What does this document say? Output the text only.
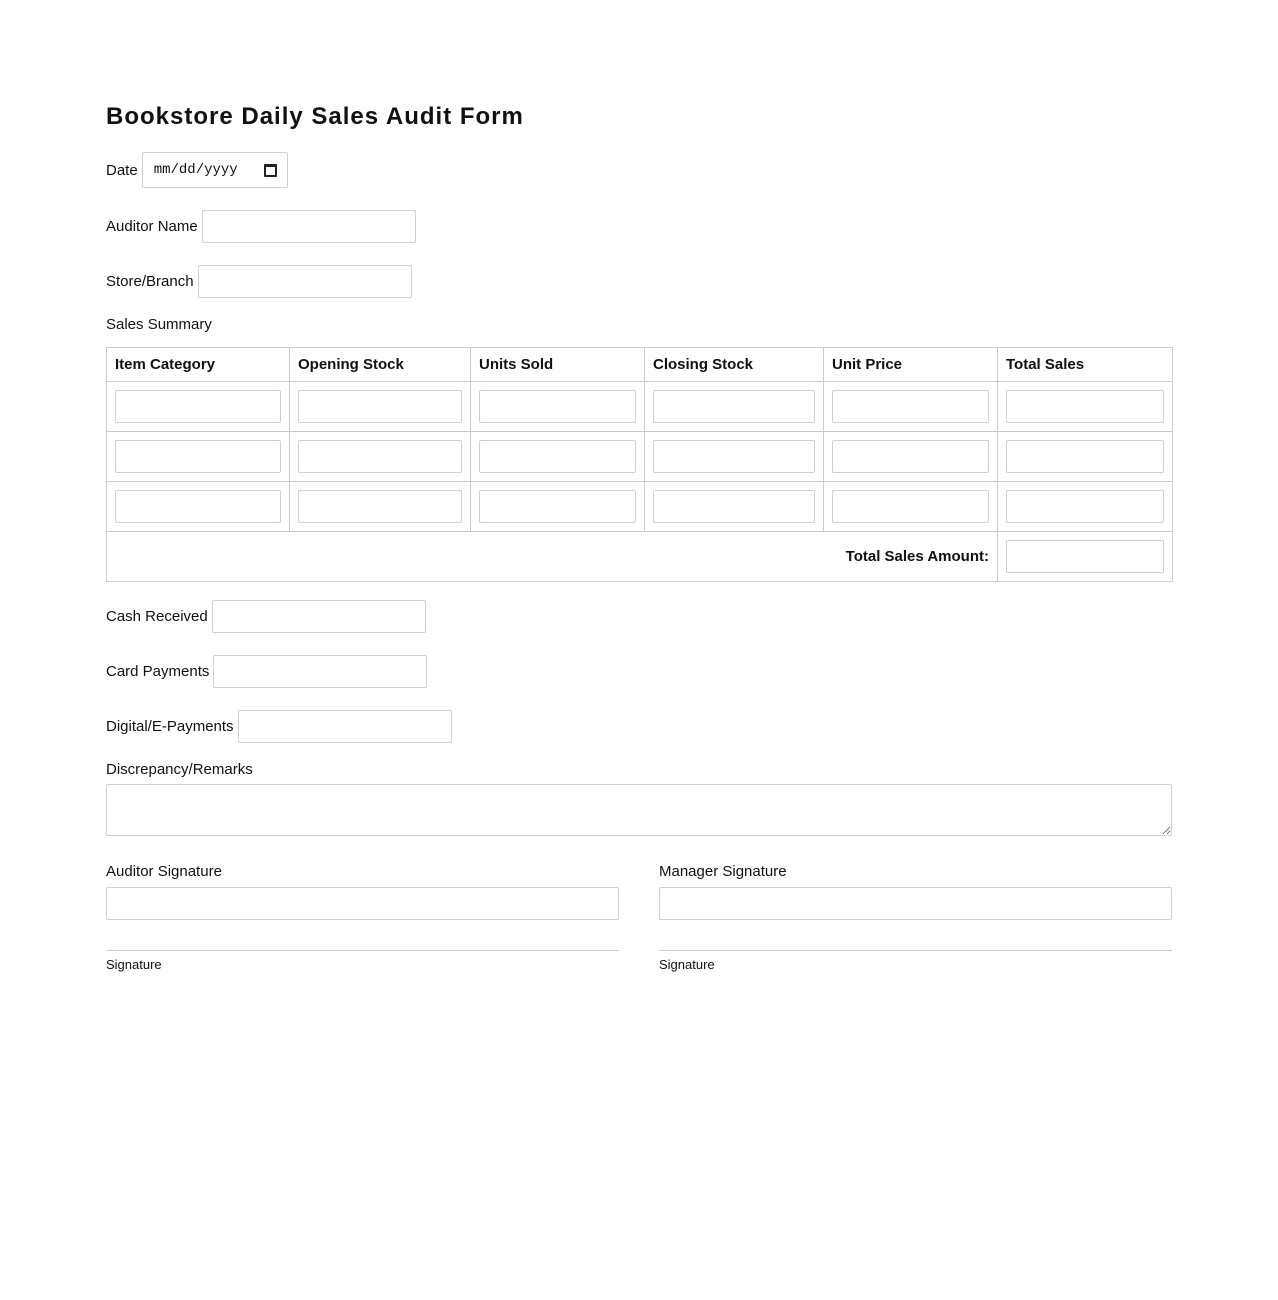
Bookstore Daily Sales Audit Form
Date mm/dd/yyyy
Auditor Name
Store/Branch
Sales Summary
Item Category	Opening Stock	Units Sold	Closing Stock	Unit Price	Total Sales

Total Sales Amount:	
Cash Received
Card Payments
Digital/E-Payments
Discrepancy/Remarks
Auditor Signature
Signature
Manager Signature
Signature
